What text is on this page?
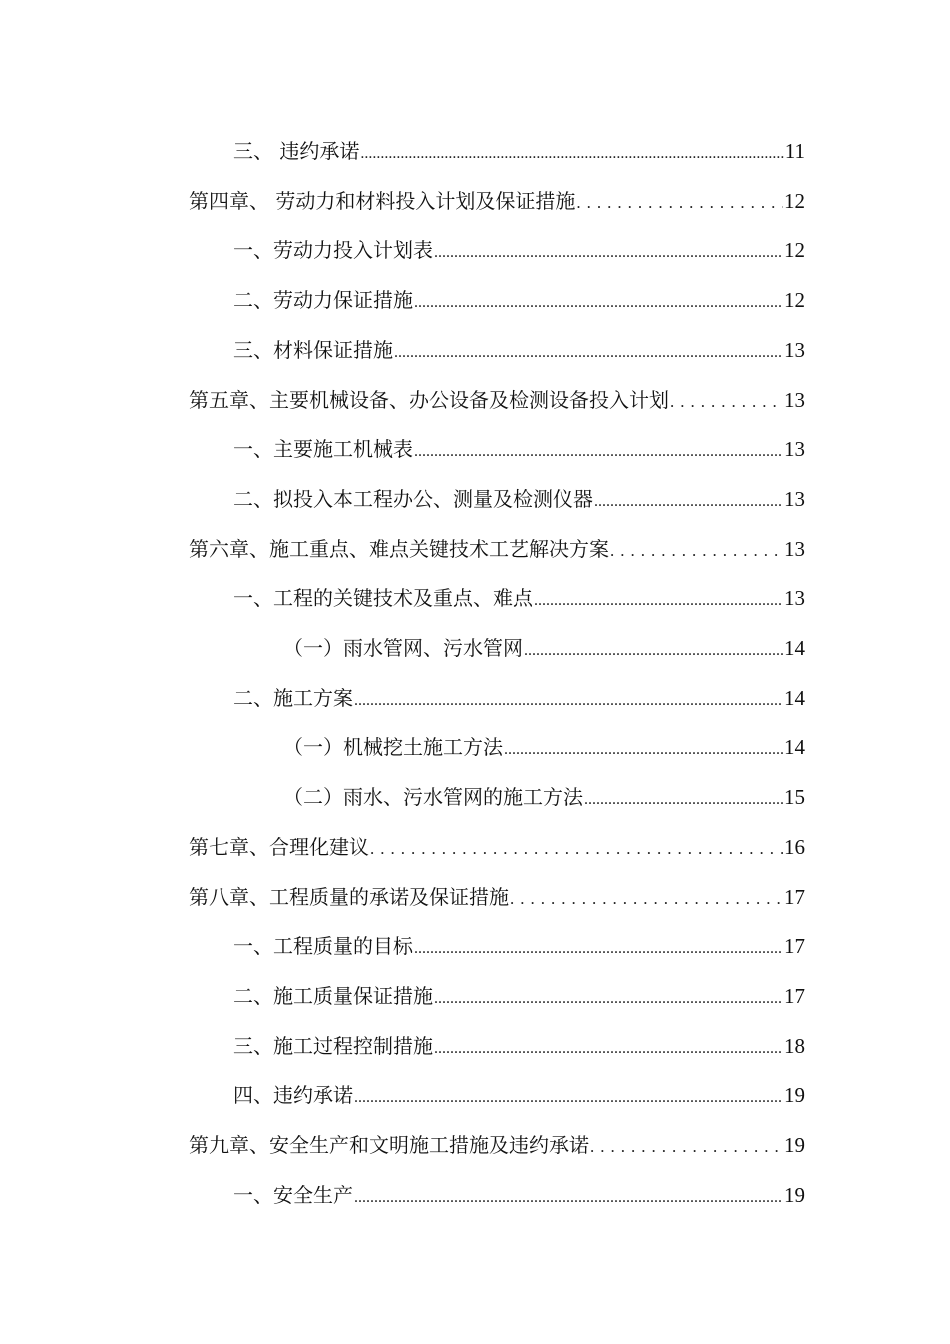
三、 违约承诺 .....	11
第四章、 劳动力和材料投入计划及保证措施 .....	12
一、劳动力投入计划表 .....	12
二、劳动力保证措施 .....	12
三、材料保证措施 .....	13
第五章、主要机械设备、办公设备及检测设备投入计划 .....	13
一、主要施工机械表 .....	13
二、拟投入本工程办公、测量及检测仪器 .....	13
第六章、施工重点、难点关键技术工艺解决方案 .....	13
一、工程的关键技术及重点、难点 .....	13
（一）雨水管网、污水管网 .....	14
二、施工方案 .....	14
（一）机械挖土施工方法 .....	14
（二）雨水、污水管网的施工方法 .....	15
第七章、合理化建议 .....	16
第八章、工程质量的承诺及保证措施 .....	17
一、工程质量的目标 .....	17
二、施工质量保证措施 .....	17
三、施工过程控制措施 .....	18
四、违约承诺 .....	19
第九章、安全生产和文明施工措施及违约承诺 .....	19
一、安全生产 .....	19
